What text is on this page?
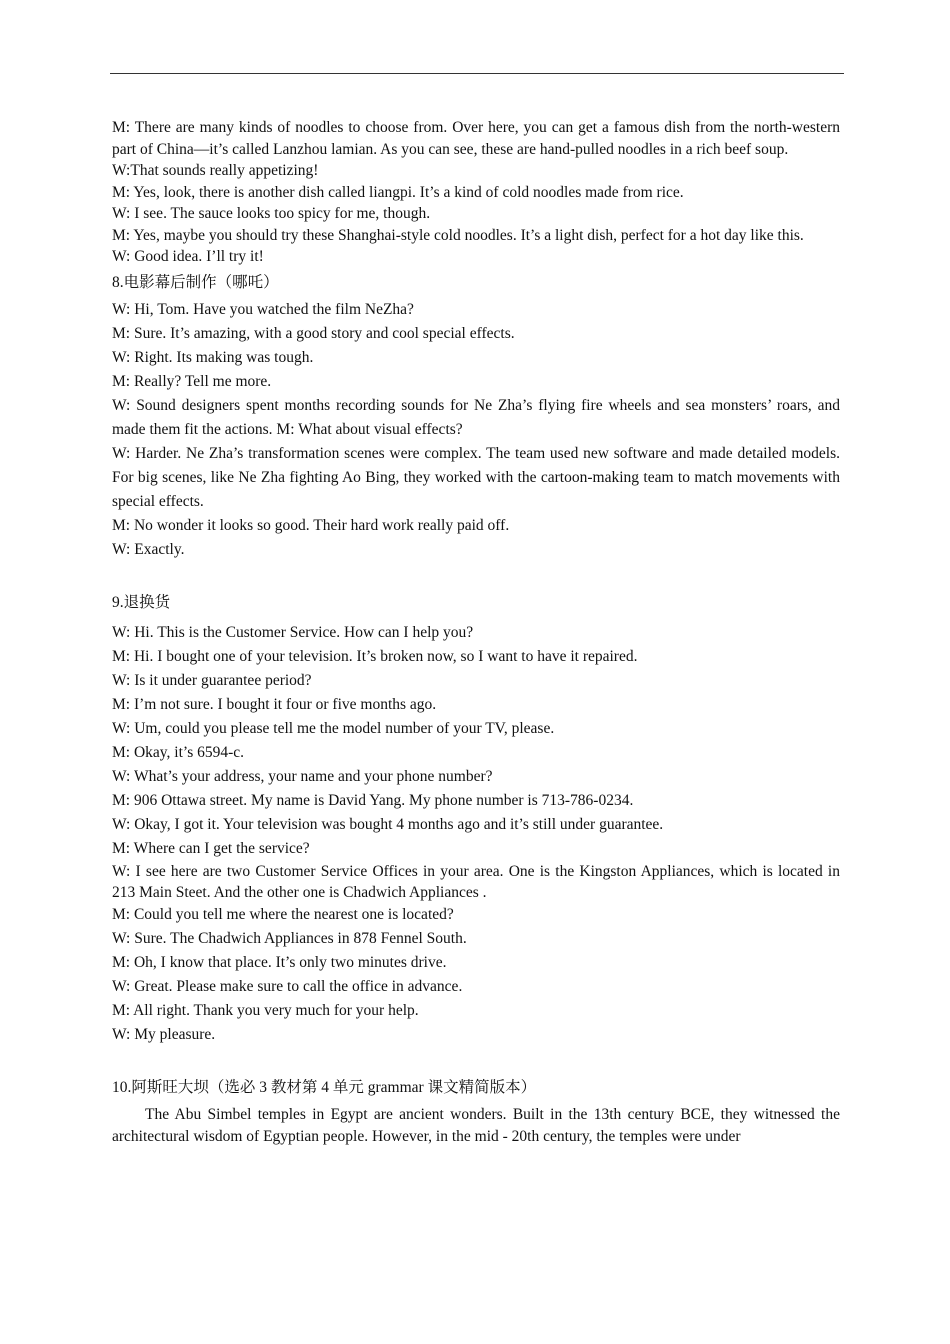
M: There are many kinds of noodles to choose from. Over here, you can get a famous dish from the north-western part of China—it’s called Lanzhou lamian. As you can see, these are hand-pulled noodles in a rich beef soup.

W:That sounds really appetizing!

M: Yes, look, there is another dish called liangpi. It’s a kind of cold noodles made from rice.

W: I see. The sauce looks too spicy for me, though.

M: Yes, maybe you should try these Shanghai-style cold noodles. It’s a light dish, perfect for a hot day like this.

W: Good idea. I’ll try it!

8.电影幕后制作（哪吒）

W: Hi, Tom. Have you watched the film NeZha?

M: Sure. It’s amazing, with a good story and cool special effects.

W: Right. Its making was tough.

M: Really? Tell me more.

W: Sound designers spent months recording sounds for Ne Zha’s flying fire wheels and sea monsters’ roars, and made them fit the actions. M: What about visual effects?

W: Harder. Ne Zha’s transformation scenes were complex. The team used new software and made detailed models. For big scenes, like Ne Zha fighting Ao Bing, they worked with the cartoon-making team to match movements with special effects.

M: No wonder it looks so good. Their hard work really paid off.

W: Exactly.

9.退换货

W: Hi. This is the Customer Service. How can I help you?

M: Hi. I bought one of your television. It’s broken now, so I want to have it repaired.

W: Is it under guarantee period?

M: I’m not sure. I bought it four or five months ago.

W: Um, could you please tell me the model number of your TV, please.

M: Okay, it’s 6594-c.

W: What’s your address, your name and your phone number?

M: 906 Ottawa street. My name is David Yang. My phone number is 713-786-0234.

W: Okay, I got it. Your television was bought 4 months ago and it’s still under guarantee.

M: Where can I get the service?

W: I see here are two Customer Service Offices in your area. One is the Kingston Appliances, which is located in 213 Main Steet. And the other one is Chadwich Appliances .

M: Could you tell me where the nearest one is located?

W: Sure. The Chadwich Appliances in 878 Fennel South.

M: Oh, I know that place. It’s only two minutes drive.

W: Great. Please make sure to call the office in advance.

M: All right. Thank you very much for your help.

W: My pleasure.

10.阿斯旺大坝（选必 3 教材第 4 单元 grammar 课文精简版本）

The Abu Simbel temples in Egypt are ancient wonders. Built in the 13th century BCE, they witnessed the architectural wisdom of Egyptian people. However, in the mid - 20th century, the temples were under
